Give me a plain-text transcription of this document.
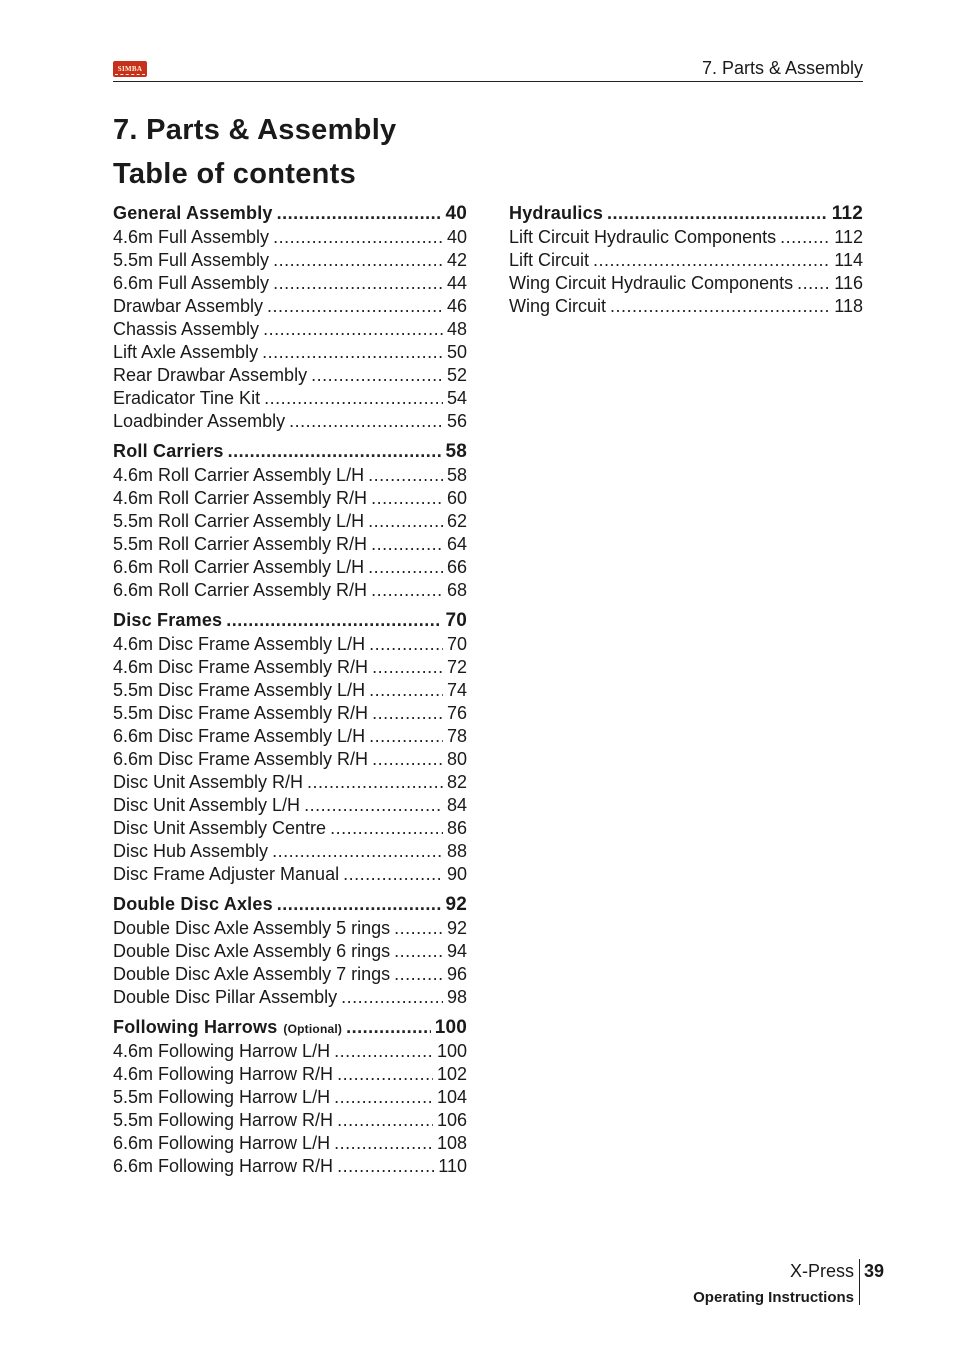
SIMBA	7. Parts & Assembly
7. Parts & Assembly
Table of contents
General Assembly .....	40
4.6m Full Assembly .....	40
5.5m Full Assembly .....	42
6.6m Full Assembly .....	44
Drawbar Assembly .....	46
Chassis Assembly .....	48
Lift Axle Assembly .....	50
Rear Drawbar Assembly .....	52
Eradicator Tine Kit .....	54
Loadbinder Assembly .....	56
Roll Carriers .....	58
4.6m Roll Carrier Assembly L/H .....	58
4.6m Roll Carrier Assembly R/H .....	60
5.5m Roll Carrier Assembly L/H .....	62
5.5m Roll Carrier Assembly R/H .....	64
6.6m Roll Carrier Assembly L/H .....	66
6.6m Roll Carrier Assembly R/H .....	68
Disc Frames .....	70
4.6m Disc Frame Assembly L/H .....	70
4.6m Disc Frame Assembly R/H .....	72
5.5m Disc Frame Assembly L/H .....	74
5.5m Disc Frame Assembly R/H .....	76
6.6m Disc Frame Assembly L/H .....	78
6.6m Disc Frame Assembly R/H .....	80
Disc Unit Assembly R/H .....	82
Disc Unit Assembly L/H .....	84
Disc Unit Assembly Centre .....	86
Disc Hub Assembly .....	88
Disc Frame Adjuster Manual .....	90
Double Disc Axles .....	92
Double Disc Axle Assembly 5 rings .....	92
Double Disc Axle Assembly 6 rings .....	94
Double Disc Axle Assembly 7 rings .....	96
Double Disc Pillar Assembly .....	98
Following Harrows (Optional) .....	100
4.6m Following Harrow L/H .....	100
4.6m Following Harrow R/H .....	102
5.5m Following Harrow L/H .....	104
5.5m Following Harrow R/H .....	106
6.6m Following Harrow L/H .....	108
6.6m Following Harrow R/H .....	110
Hydraulics .....	112
Lift Circuit Hydraulic Components .....	112
Lift Circuit .....	114
Wing Circuit Hydraulic Components ..... 116
Wing Circuit .....	118
X-Press
Operating Instructions
39
